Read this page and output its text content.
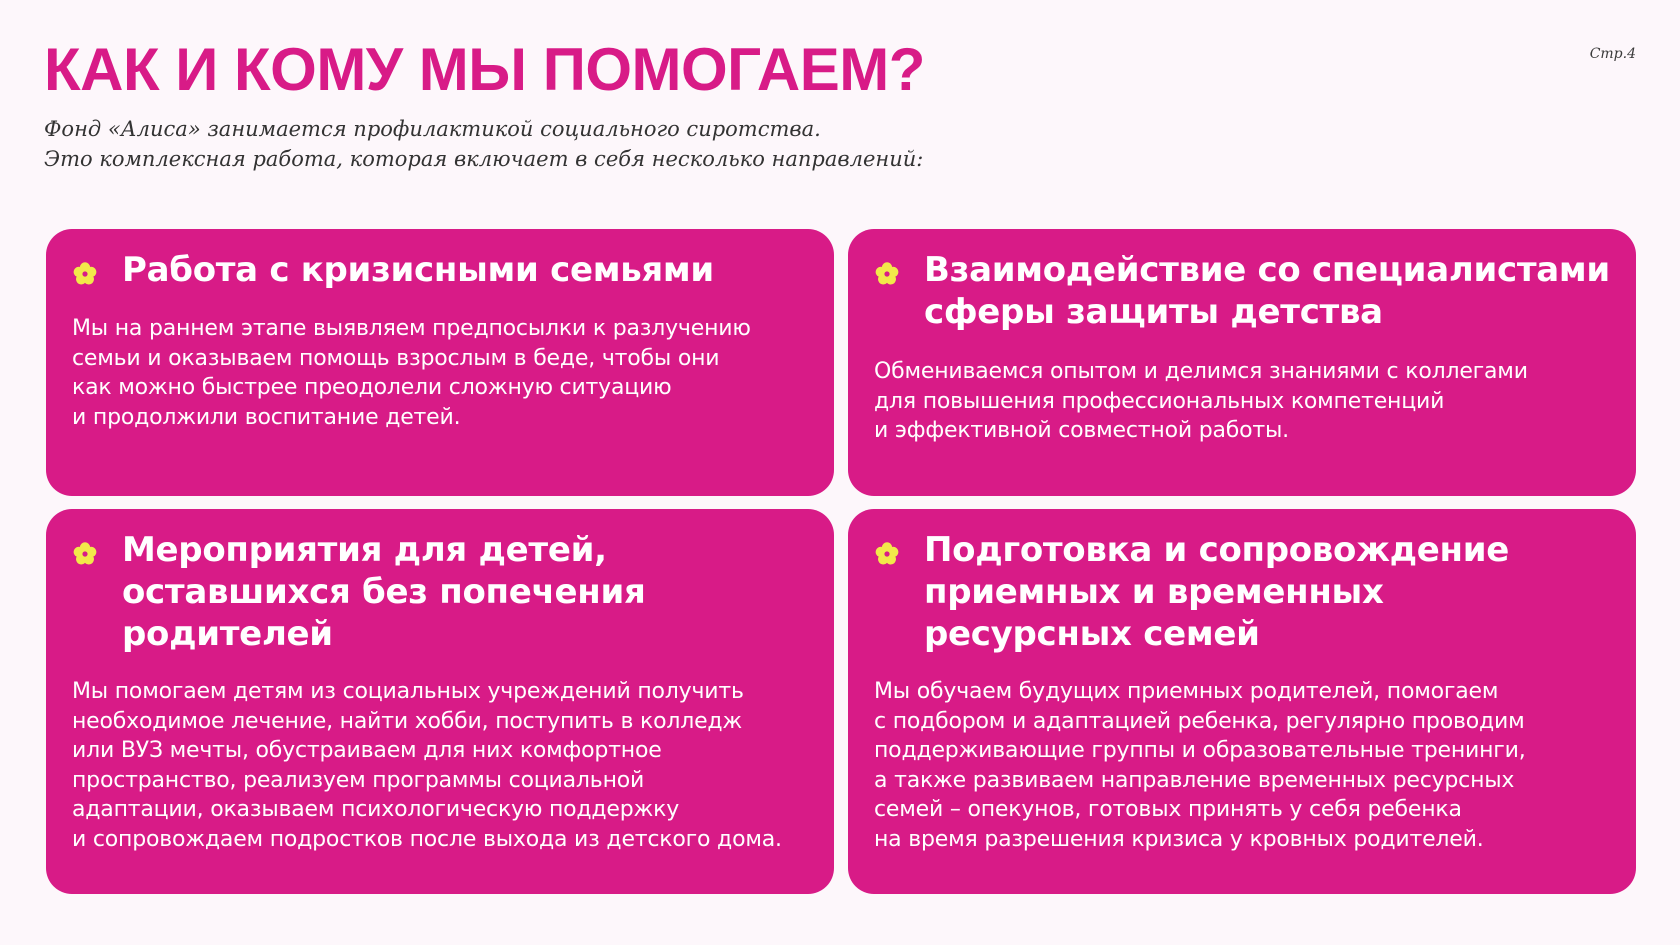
КАК И КОМУ МЫ ПОМОГАЕМ?	Стр.4

Фонд «Алиса» занимается профилактикой социального сиротства.
Это комплексная работа, которая включает в себя несколько направлений:

Работа с кризисными семьями

Мы на раннем этапе выявляем предпосылки к разлучению
семьи и оказываем помощь взрослым в беде, чтобы они
как можно быстрее преодолели сложную ситуацию
и продолжили воспитание детей.

Взаимодействие со специалистами
сферы защиты детства

Обмениваемся опытом и делимся знаниями с коллегами
для повышения профессиональных компетенций
и эффективной совместной работы.

Мероприятия для детей,
оставшихся без попечения
родителей

Мы помогаем детям из социальных учреждений получить
необходимое лечение, найти хобби, поступить в колледж
или ВУЗ мечты, обустраиваем для них комфортное
пространство, реализуем программы социальной
адаптации, оказываем психологическую поддержку
и сопровождаем подростков после выхода из детского дома.

Подготовка и сопровождение
приемных и временных
ресурсных семей

Мы обучаем будущих приемных родителей, помогаем
с подбором и адаптацией ребенка, регулярно проводим
поддерживающие группы и образовательные тренинги,
а также развиваем направление временных ресурсных
семей – опекунов, готовых принять у себя ребенка
на время разрешения кризиса у кровных родителей.
